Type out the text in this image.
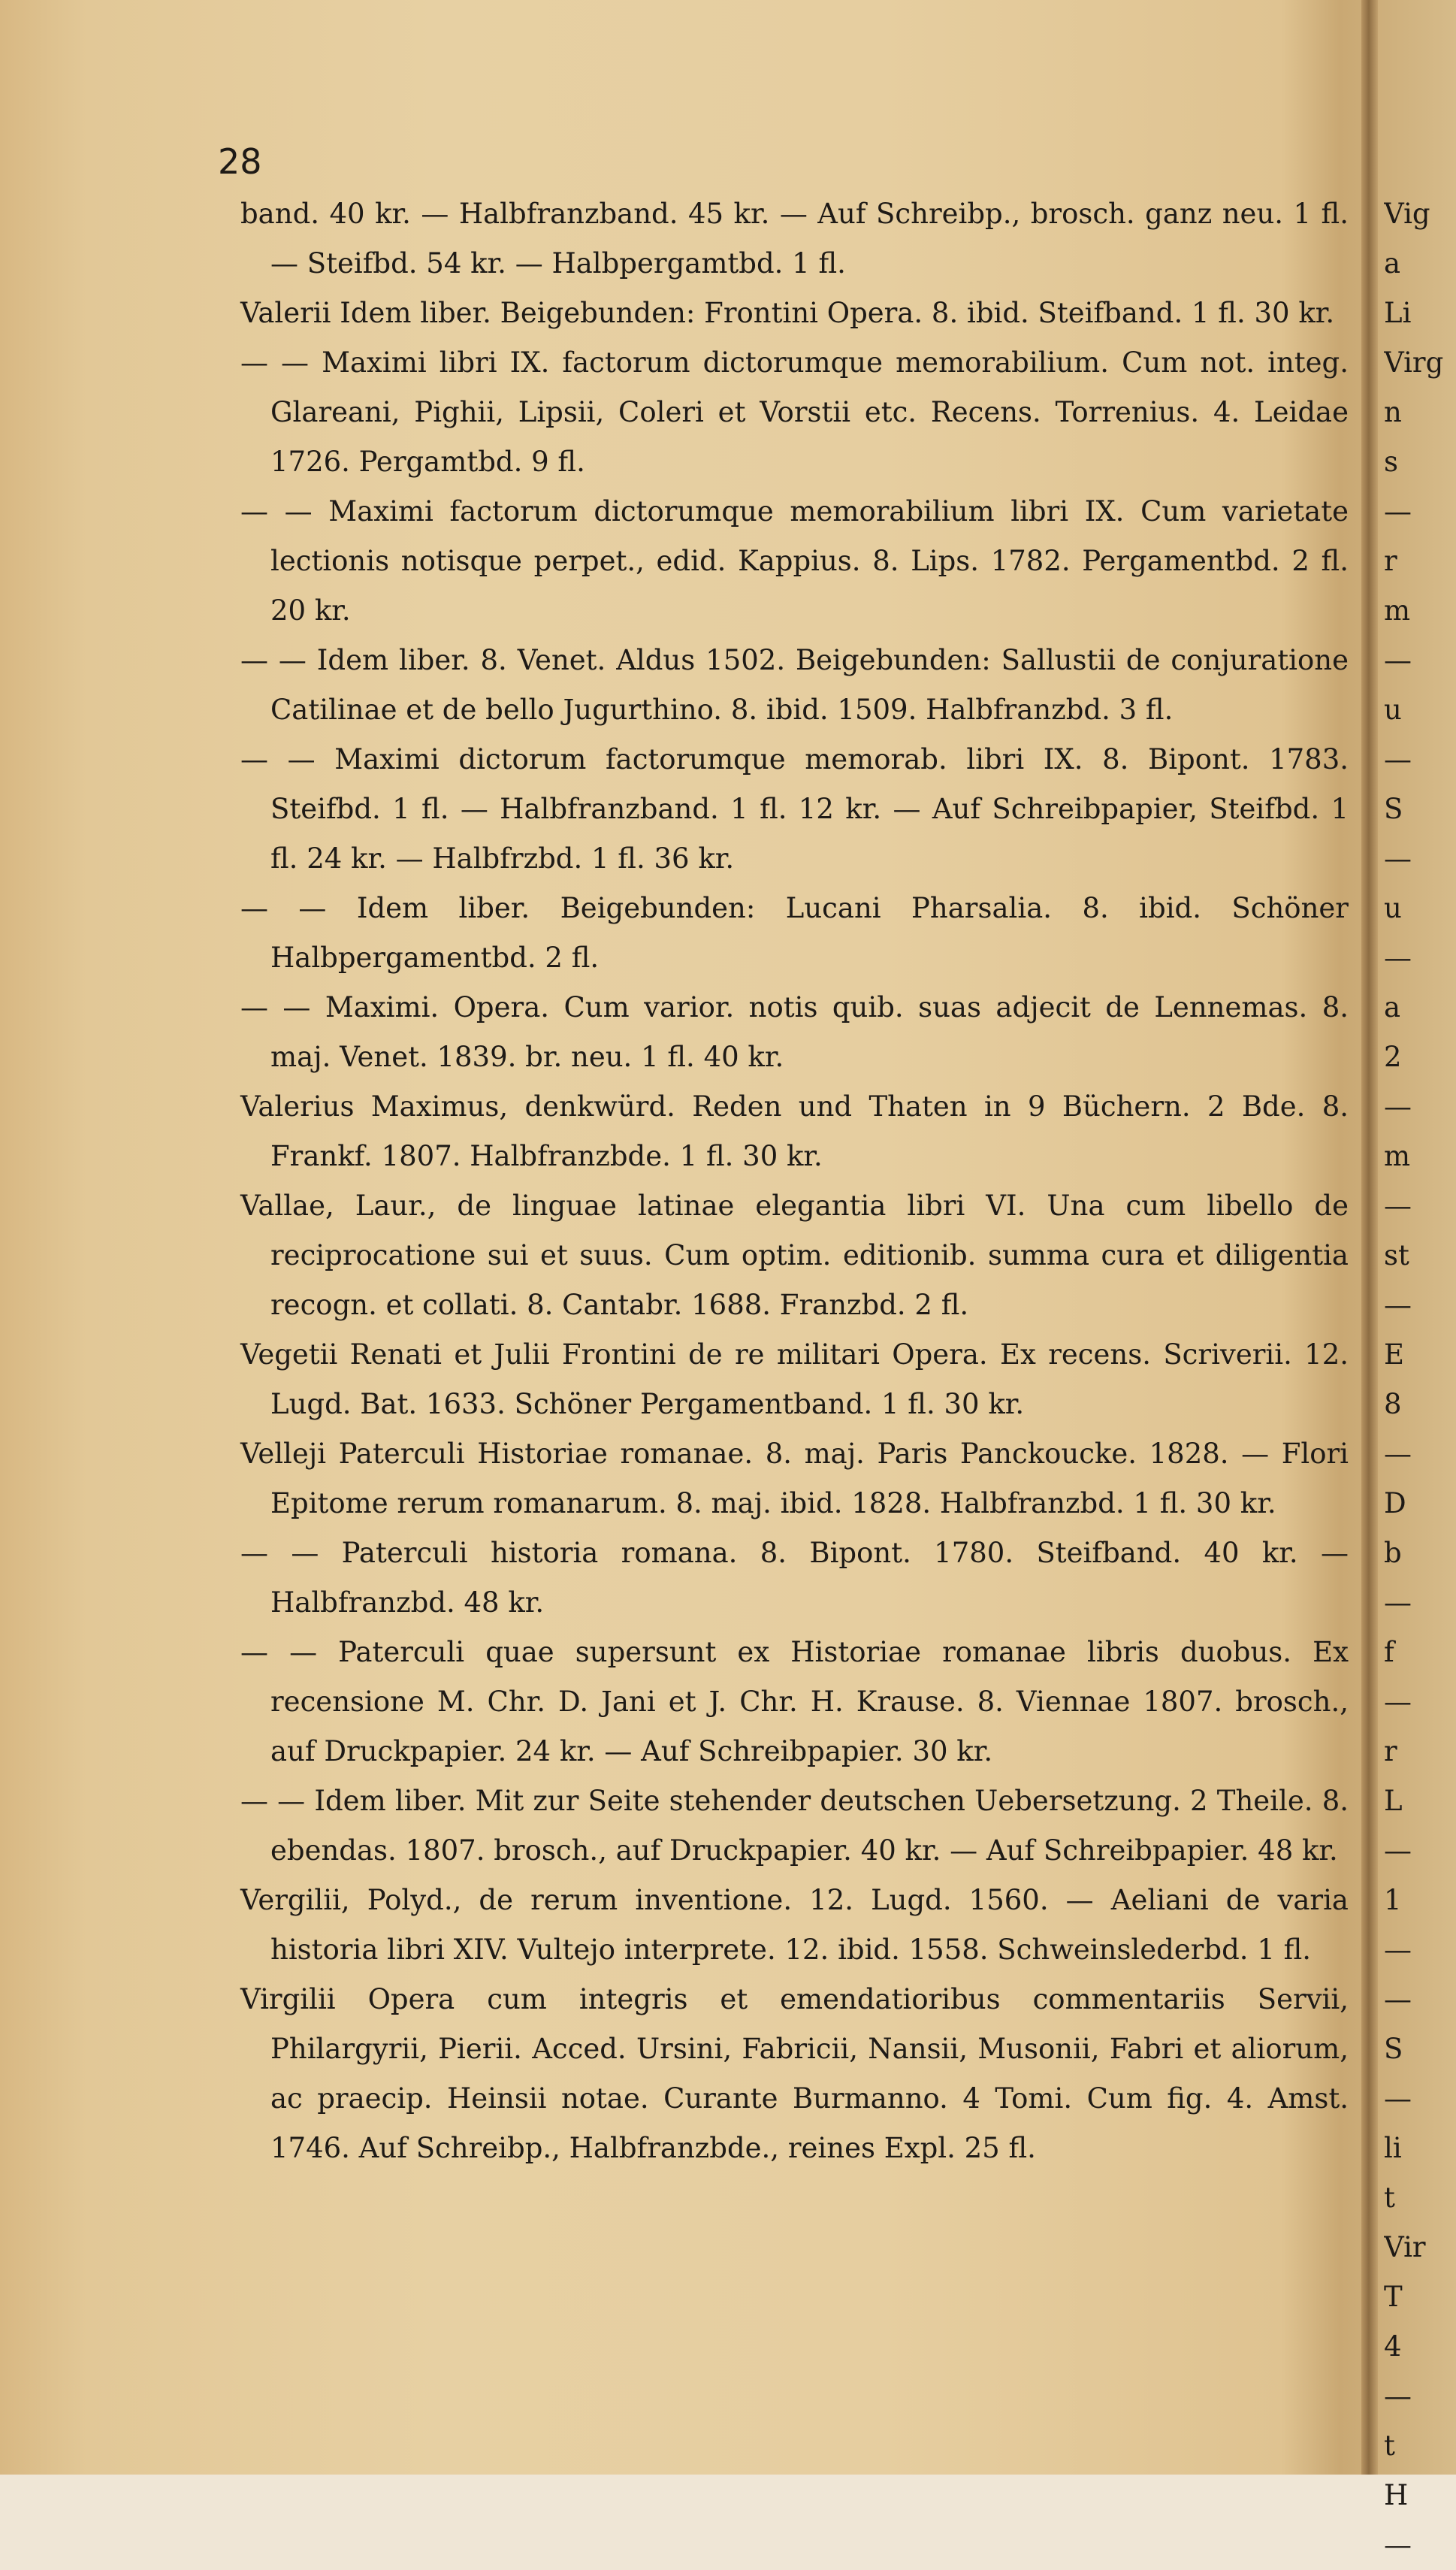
28

band. 40 kr. — Halbfranzband. 45 kr. — Auf Schreibp., brosch. ganz neu. 1 fl. — Steifbd. 54 kr. — Halbpergamtbd. 1 fl.

Valerii Idem liber. Beigebunden: Frontini Opera. 8. ibid. Steifband. 1 fl. 30 kr.

— — Maximi libri IX. factorum dictorumque memorabilium. Cum not. integ. Glareani, Pighii, Lipsii, Coleri et Vorstii etc. Recens. Torrenius. 4. Leidae 1726. Pergamtbd. 9 fl.

— — Maximi factorum dictorumque memorabilium libri IX. Cum varietate lectionis notisque perpet., edid. Kappius. 8. Lips. 1782. Pergamentbd. 2 fl. 20 kr.

— — Idem liber. 8. Venet. Aldus 1502. Beigebunden: Sallustii de conjuratione Catilinae et de bello Jugurthino. 8. ibid. 1509. Halbfranzbd. 3 fl.

— — Maximi dictorum factorumque memorab. libri IX. 8. Bipont. 1783. Steifbd. 1 fl. — Halbfranzband. 1 fl. 12 kr. — Auf Schreibpapier, Steifbd. 1 fl. 24 kr. — Halbfrzbd. 1 fl. 36 kr.

— — Idem liber. Beigebunden: Lucani Pharsalia. 8. ibid. Schöner Halbpergamentbd. 2 fl.

— — Maximi. Opera. Cum varior. notis quib. suas adjecit de Lennemas. 8. maj. Venet. 1839. br. neu. 1 fl. 40 kr.

Valerius Maximus, denkwürd. Reden und Thaten in 9 Büchern. 2 Bde. 8. Frankf. 1807. Halbfranzbde. 1 fl. 30 kr.

Vallae, Laur., de linguae latinae elegantia libri VI. Una cum libello de reciprocatione sui et suus. Cum optim. editionib. summa cura et diligentia recogn. et collati. 8. Cantabr. 1688. Franzbd. 2 fl.

Vegetii Renati et Julii Frontini de re militari Opera. Ex recens. Scriverii. 12. Lugd. Bat. 1633. Schöner Pergamentband. 1 fl. 30 kr.

Velleji Paterculi Historiae romanae. 8. maj. Paris Panckoucke. 1828. — Flori Epitome rerum romanarum. 8. maj. ibid. 1828. Halbfranzbd. 1 fl. 30 kr.

— — Paterculi historia romana. 8. Bipont. 1780. Steifband. 40 kr. — Halbfranzbd. 48 kr.

— — Paterculi quae supersunt ex Historiae romanae libris duobus. Ex recensione M. Chr. D. Jani et J. Chr. H. Krause. 8. Viennae 1807. brosch., auf Druckpapier. 24 kr. — Auf Schreibpapier. 30 kr.

— — Idem liber. Mit zur Seite stehender deutschen Uebersetzung. 2 Theile. 8. ebendas. 1807. brosch., auf Druckpapier. 40 kr. — Auf Schreibpapier. 48 kr.

Vergilii, Polyd., de rerum inventione. 12. Lugd. 1560. — Aeliani de varia historia libri XIV. Vultejo interprete. 12. ibid. 1558. Schweinslederbd. 1 fl.

Virgilii Opera cum integris et emendatioribus commentariis Servii, Philargyrii, Pierii. Acced. Ursini, Fabricii, Nansii, Musonii, Fabri et aliorum, ac praecip. Heinsii notae. Curante Burmanno. 4 Tomi. Cum fig. 4. Amst. 1746. Auf Schreibp., Halbfranzbde., reines Expl. 25 fl.

Vig
a
Li
Virg
n
s
—
r
m
—
u
—
S
—
u
—
a
2
—
m
—
st
—
E
8
—
D
b
—
f
—
r
L
—
1
—
—
S
—
li
t
Vir
T
4
—
t
H
—
